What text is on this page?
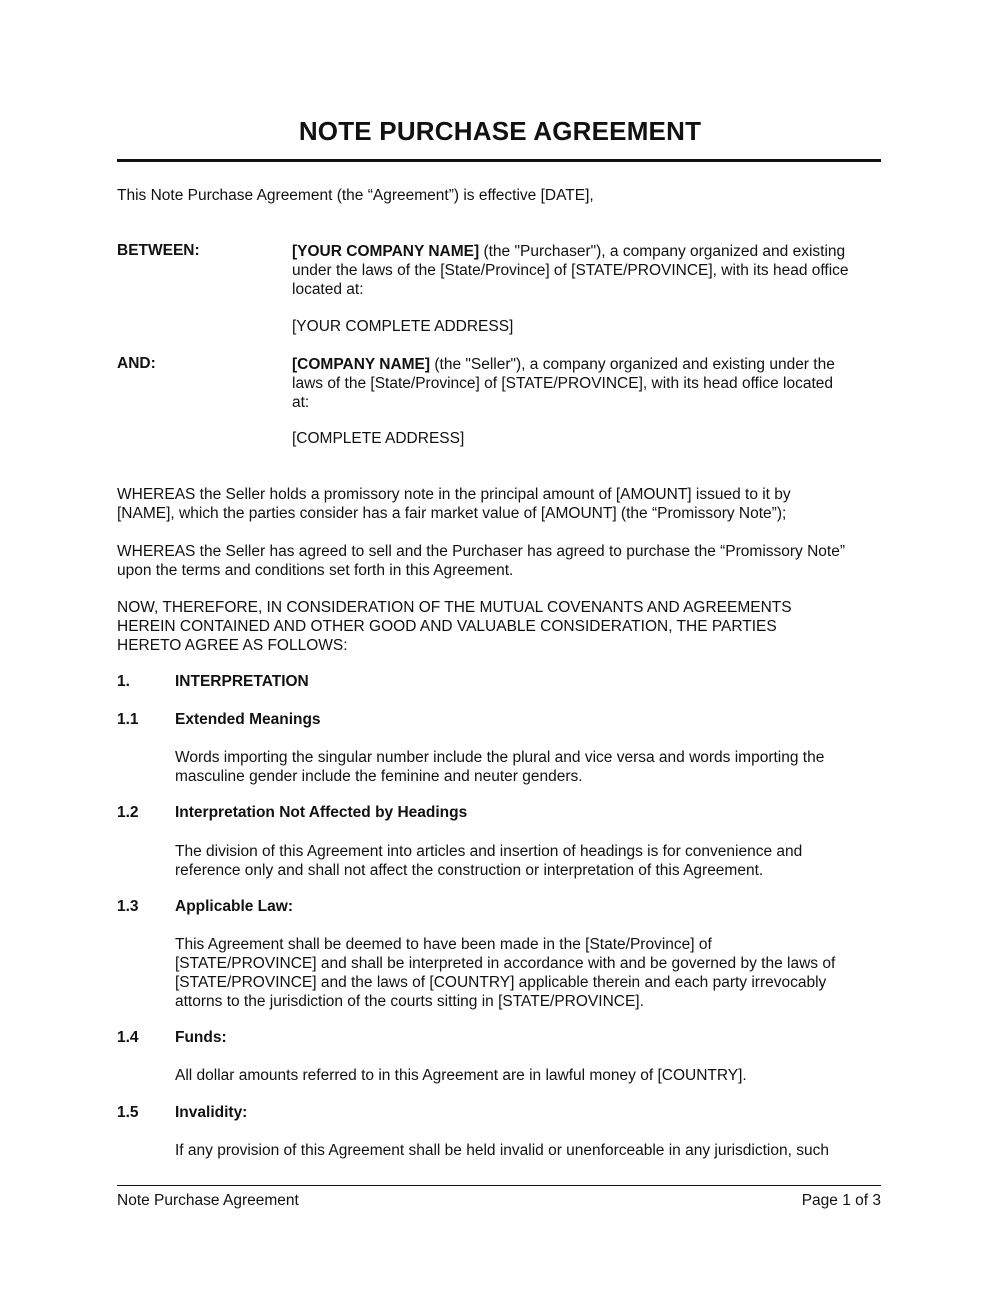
NOTE PURCHASE AGREEMENT
This Note Purchase Agreement (the “Agreement”) is effective [DATE],
BETWEEN:	[YOUR COMPANY NAME] (the "Purchaser"), a company organized and existing
under the laws of the [State/Province] of [STATE/PROVINCE], with its head office
located at:
[YOUR COMPLETE ADDRESS]
AND:	[COMPANY NAME] (the "Seller"), a company organized and existing under the
laws of the [State/Province] of [STATE/PROVINCE], with its head office located
at:
[COMPLETE ADDRESS]
WHEREAS the Seller holds a promissory note in the principal amount of [AMOUNT] issued to it by
[NAME], which the parties consider has a fair market value of [AMOUNT] (the “Promissory Note”);
WHEREAS the Seller has agreed to sell and the Purchaser has agreed to purchase the “Promissory Note”
upon the terms and conditions set forth in this Agreement.
NOW, THEREFORE, IN CONSIDERATION OF THE MUTUAL COVENANTS AND AGREEMENTS
HEREIN CONTAINED AND OTHER GOOD AND VALUABLE CONSIDERATION, THE PARTIES
HERETO AGREE AS FOLLOWS:
1.	INTERPRETATION
1.1 Extended Meanings
Words importing the singular number include the plural and vice versa and words importing the
masculine gender include the feminine and neuter genders.
1.2 Interpretation Not Affected by Headings
The division of this Agreement into articles and insertion of headings is for convenience and
reference only and shall not affect the construction or interpretation of this Agreement.
1.3 Applicable Law:
This Agreement shall be deemed to have been made in the [State/Province] of
[STATE/PROVINCE] and shall be interpreted in accordance with and be governed by the laws of
[STATE/PROVINCE] and the laws of [COUNTRY] applicable therein and each party irrevocably
attorns to the jurisdiction of the courts sitting in [STATE/PROVINCE].
1.4 Funds:
All dollar amounts referred to in this Agreement are in lawful money of [COUNTRY].
1.5 Invalidity:
If any provision of this Agreement shall be held invalid or unenforceable in any jurisdiction, such
Note Purchase Agreement	Page 1 of 3
